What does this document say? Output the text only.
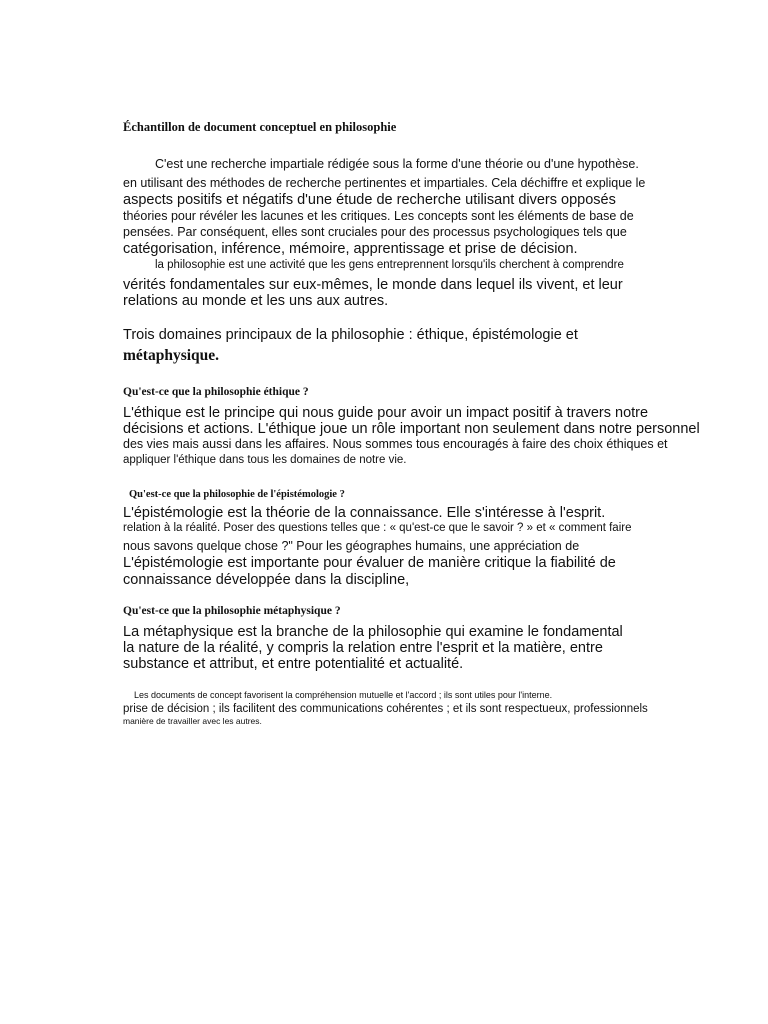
Échantillon de document conceptuel en philosophie
C'est une recherche impartiale rédigée sous la forme d'une théorie ou d'une hypothèse.
en utilisant des méthodes de recherche pertinentes et impartiales. Cela déchiffre et explique le
aspects positifs et négatifs d'une étude de recherche utilisant divers opposés
théories pour révéler les lacunes et les critiques. Les concepts sont les éléments de base de
pensées. Par conséquent, elles sont cruciales pour des processus psychologiques tels que
catégorisation, inférence, mémoire, apprentissage et prise de décision.
la philosophie est une activité que les gens entreprennent lorsqu'ils cherchent à comprendre
vérités fondamentales sur eux-mêmes, le monde dans lequel ils vivent, et leur
relations au monde et les uns aux autres.
Trois domaines principaux de la philosophie : éthique, épistémologie et
métaphysique.
Qu'est-ce que la philosophie éthique ?
L'éthique est le principe qui nous guide pour avoir un impact positif à travers notre
décisions et actions. L'éthique joue un rôle important non seulement dans notre personnel
des vies mais aussi dans les affaires. Nous sommes tous encouragés à faire des choix éthiques et
appliquer l'éthique dans tous les domaines de notre vie.
Qu'est-ce que la philosophie de l'épistémologie ?
L'épistémologie est la théorie de la connaissance. Elle s'intéresse à l'esprit.
relation à la réalité. Poser des questions telles que : « qu'est-ce que le savoir ? » et « comment faire
nous savons quelque chose ?" Pour les géographes humains, une appréciation de
L'épistémologie est importante pour évaluer de manière critique la fiabilité de
connaissance développée dans la discipline,
Qu'est-ce que la philosophie métaphysique ?
La métaphysique est la branche de la philosophie qui examine le fondamental
la nature de la réalité, y compris la relation entre l'esprit et la matière, entre
substance et attribut, et entre potentialité et actualité.
Les documents de concept favorisent la compréhension mutuelle et l'accord ; ils sont utiles pour l'interne.
prise de décision ; ils facilitent des communications cohérentes ; et ils sont respectueux, professionnels
manière de travailler avec les autres.
